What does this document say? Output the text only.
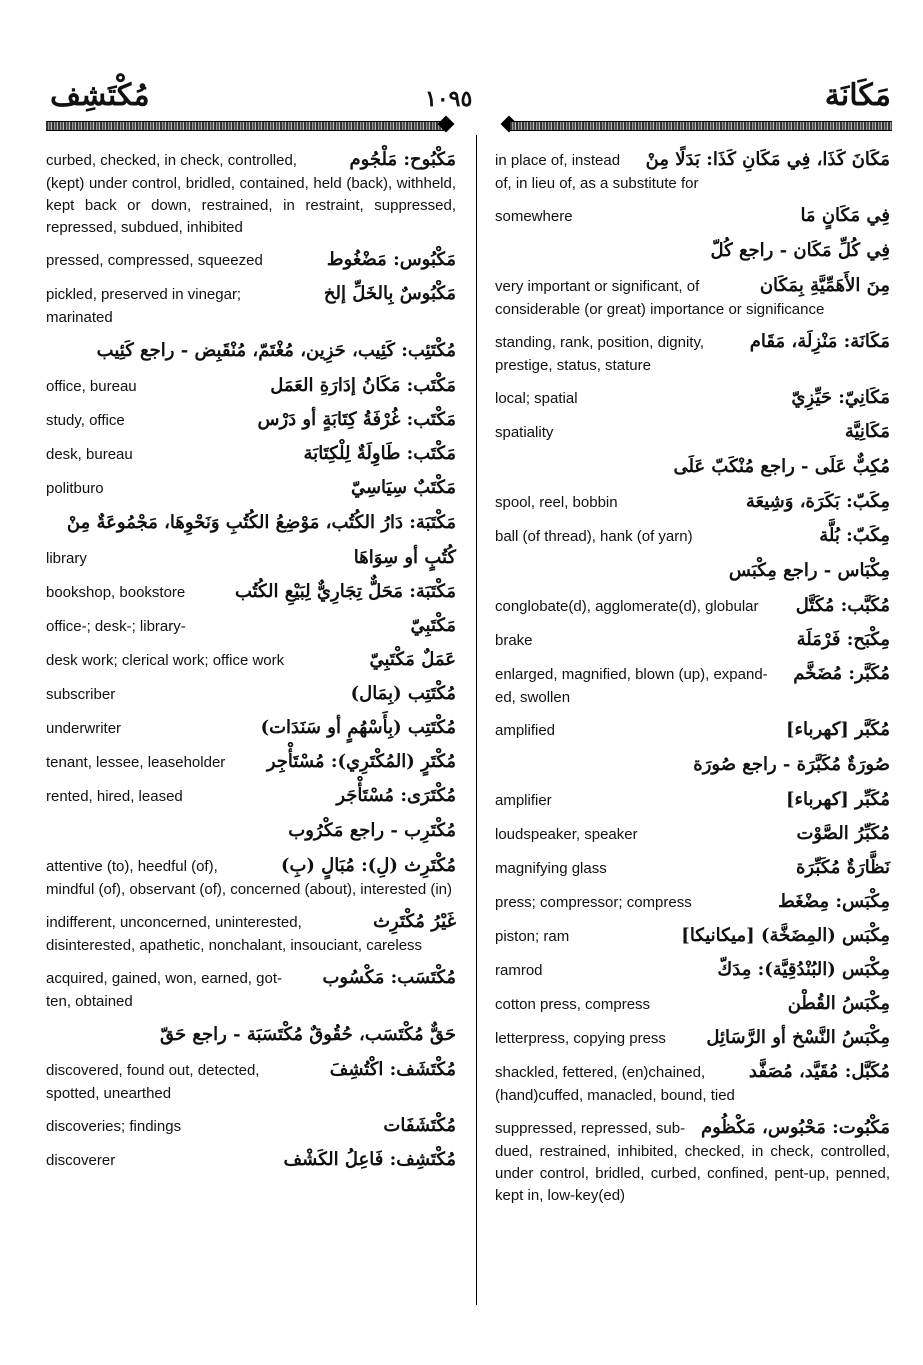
مُكْتَشِف	١٠٩٥	مَكَانَة
curbed, checked, in check, controlled,	مَكْبُوح: مَلْجُوم
(kept) under control, bridled, contained, held (back), withheld, kept back or down, restrained, in restraint, suppressed, repressed, subdued, inhibited
pressed, compressed, squeezed	مَكْبُوس: مَضْغُوط
pickled, preserved in vinegar;	مَكْبُوسٌ بِالخَلِّ إلخ
marinated
مُكْتَئِب: كَئِيب، حَزِين، مُغْتَمّ، مُنْقَبِض - راجع كَئِيب
office, bureau	مَكْتَب: مَكَانُ إدَارَةِ العَمَل
study, office	مَكْتَب: غُرْفَةُ كِتَابَةٍ أو دَرْس
desk, bureau	مَكْتَب: طَاوِلَةٌ لِلْكِتَابَة
politburo	مَكْتَبٌ سِيَاسِيّ
مَكْتَبَة: دَارُ الكُتُب، مَوْضِعُ الكُتُبِ وَنَحْوِهَا، مَجْمُوعَةٌ مِنْ
library	كُتُبٍ أو سِوَاهَا
bookshop, bookstore	مَكْتَبَة: مَحَلٌّ تِجَارِيٌّ لِبَيْعِ الكُتُب
office-; desk-; library-	مَكْتَبِيّ
desk work; clerical work; office work	عَمَلٌ مَكْتَبِيّ
subscriber	مُكْتَتِب (بِمَال)
underwriter	مُكْتَتِب (بِأَسْهُمٍ أو سَنَدَات)
tenant, lessee, leaseholder مُكْتَرٍ (المُكْتَرِي): مُسْتَأْجِر
rented, hired, leased	مُكْتَرَى: مُسْتَأْجَر
مُكْتَرِب - راجع مَكْرُوب
attentive (to), heedful (of),	مُكْتَرِث (لِ): مُبَالٍ (بِ)
mindful (of), observant (of), concerned (about), interested (in)
indifferent, unconcerned, uninterested,	غَيْرُ مُكْتَرِث
disinterested, apathetic, nonchalant, insouciant, careless
acquired, gained, won, earned, got- مُكْتَسَب: مَكْسُوب
ten, obtained
حَقٌّ مُكْتَسَب، حُقُوقٌ مُكْتَسَبَة - راجع حَقّ
discovered, found out, detected,	مُكْتَشَف: اكْتُشِفَ
spotted, unearthed
discoveries; findings	مُكْتَشَفَات
discoverer	مُكْتَشِف: فَاعِلُ الكَشْف
in place of, instead مَكَانَ كَذَا، فِي مَكَانِ كَذَا: بَدَلًا مِنْ
of, in lieu of, as a substitute for
somewhere	فِي مَكَانٍ مَا
فِي كُلِّ مَكَان - راجع كُلّ
very important or significant, of	مِنَ الأَهَمِّيَّةِ بِمَكَان
considerable (or great) importance or significance
standing, rank, position, dignity,	مَكَانَة: مَنْزِلَة، مَقَام
prestige, status, stature
local; spatial	مَكَانِيّ: حَيِّزِيّ
spatiality	مَكَانِيَّة
مُكِبٌّ عَلَى - راجع مُنْكَبّ عَلَى
spool, reel, bobbin	مِكَبّ: بَكَرَة، وَشِيعَة
ball (of thread), hank (of yarn)	مِكَبّ: بُلَّة
مِكْبَاس - راجع مِكْبَس
conglobate(d), agglomerate(d), globular مُكَبَّب: مُكَتَّل
brake	مِكْبَح: فَرْمَلَة
enlarged, magnified, blown (up), expand- مُكَبَّر: مُضَخَّم
ed, swollen
amplified	مُكَبَّر [كهرباء]
صُورَةٌ مُكَبَّرَة - راجع صُورَة
amplifier	مُكَبِّر [كهرباء]
loudspeaker, speaker	مُكَبِّرُ الصَّوْت
magnifying glass	نَظَّارَةٌ مُكَبِّرَة
press; compressor; compress	مِكْبَس: مِضْغَط
piston; ram	مِكْبَس (المِضَخَّة) [ميكانيكا]
ramrod	مِكْبَس (البُنْدُقِيَّة): مِدَكّ
cotton press, compress	مِكْبَسُ القُطْن
letterpress, copying press مِكْبَسُ النَّسْخ أو الرَّسَائِل
shackled, fettered, (en)chained, مُكَبَّل: مُقَيَّد، مُصَفَّد
(hand)cuffed, manacled, bound, tied
suppressed, repressed, sub- مَكْبُوت: مَحْبُوس، مَكْظُوم
dued, restrained, inhibited, checked, in check, controlled, under control, bridled, curbed, confined, pent-up, penned, kept in, low-key(ed)
